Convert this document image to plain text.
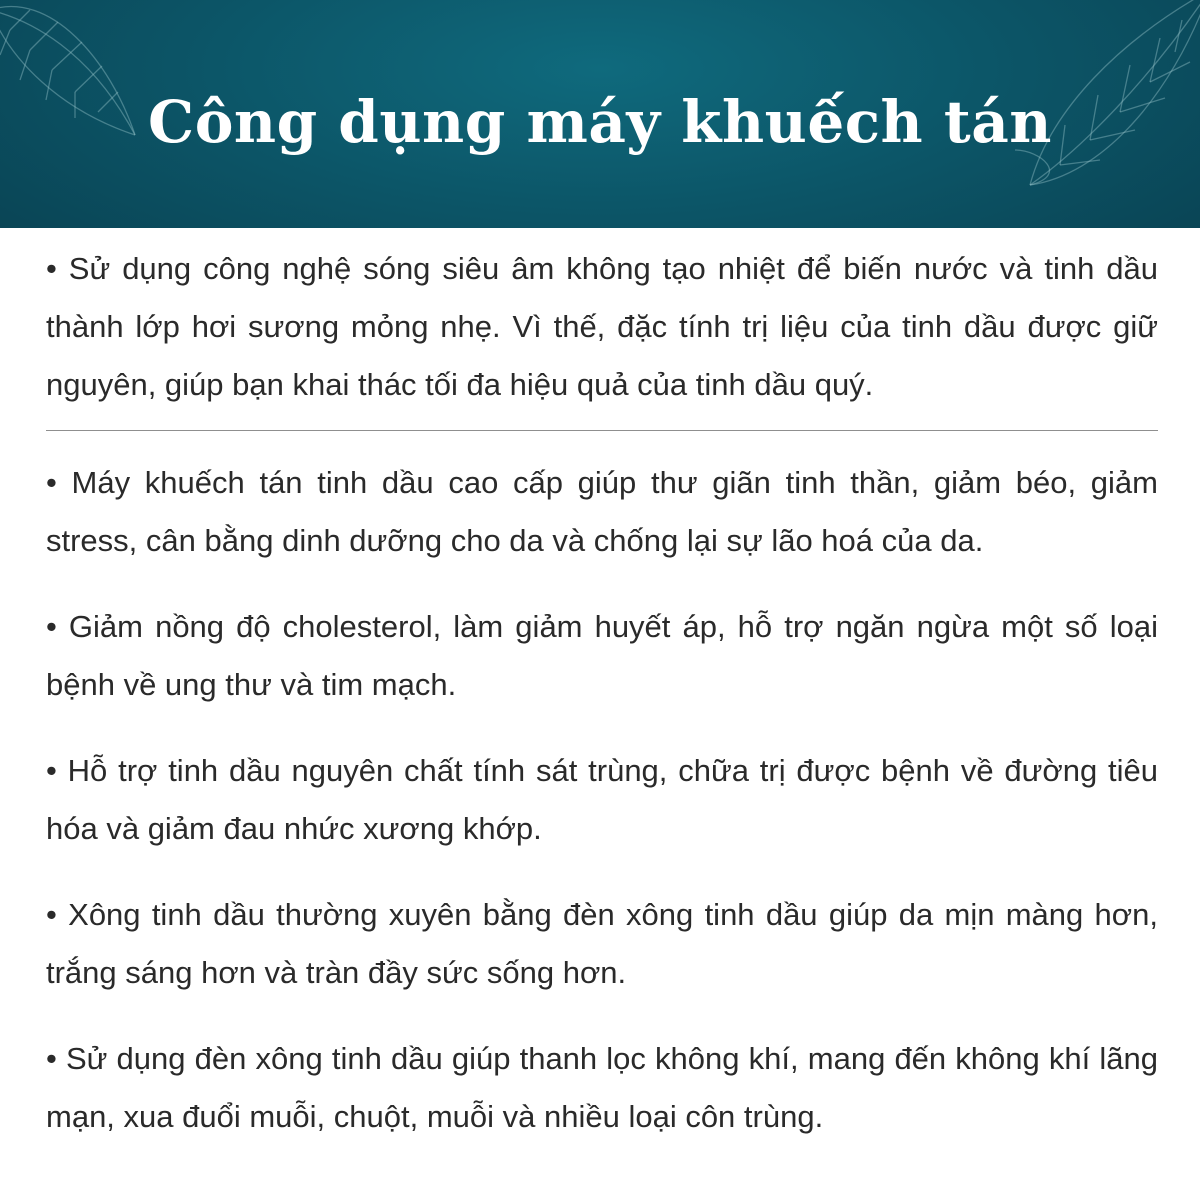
Công dụng máy khuếch tán

• Sử dụng công nghệ sóng siêu âm không tạo nhiệt để biến nước và tinh dầu thành lớp hơi sương mỏng nhẹ. Vì thế, đặc tính trị liệu của tinh dầu được giữ nguyên, giúp bạn khai thác tối đa hiệu quả của tinh dầu quý.

• Máy khuếch tán tinh dầu cao cấp giúp thư giãn tinh thần, giảm béo, giảm stress, cân bằng dinh dưỡng cho da và chống lại sự lão hoá của da.

• Giảm nồng độ cholesterol, làm giảm huyết áp, hỗ trợ ngăn ngừa một số loại bệnh về ung thư và tim mạch.

• Hỗ trợ tinh dầu nguyên chất tính sát trùng, chữa trị được bệnh về đường tiêu hóa và giảm đau nhức xương khớp.

• Xông tinh dầu thường xuyên bằng đèn xông tinh dầu giúp da mịn màng hơn, trắng sáng hơn và tràn đầy sức sống hơn.

• Sử dụng đèn xông tinh dầu giúp thanh lọc không khí, mang đến không khí lãng mạn, xua đuổi muỗi, chuột, muỗi và nhiều loại côn trùng.
